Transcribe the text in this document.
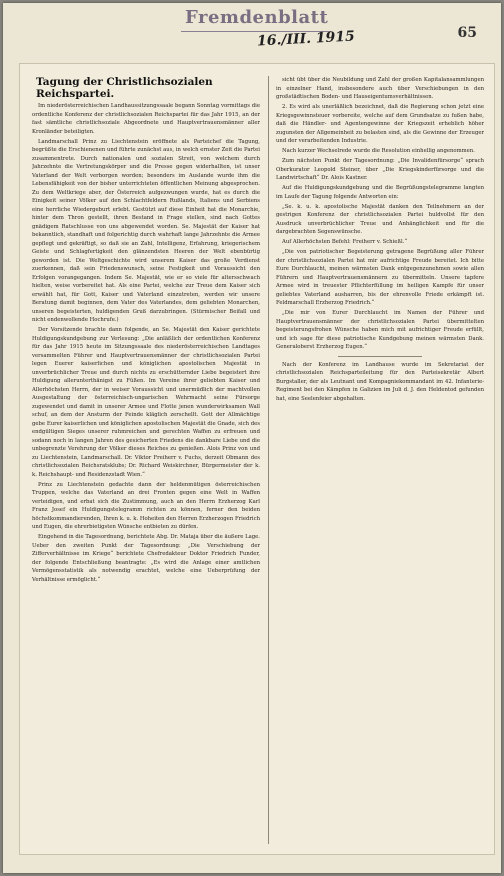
Fremdenblatt
16./III. 1915	65
Tagung der Christlichsozialen Reichspartei.

Im niederösterreichischen Landhaussitzungssaale begann Sonntag vormittags die ordentliche Konferenz der christlichsozialen Reichspartei für das Jahr 1915, an der fast sämtliche christlichsoziale Abgeordnete und Hauptvertrauensmänner aller Kronländer beteiligten.

Landmarschall Prinz zu Liechtenstein eröffnete als Parteichef die Tagung, begrüßte die Erschienenen und führte zunächst aus, in welch ernster Zeit die Partei zusammentrete. Durch nationalen und sozialen Streit, von welchem durch Jahrzehnte die Vertretungskörper und die Presse gegen widerhallten, ist unser Vaterland der Welt verborgen worden; besonders im Auslande wurde ihm die Lebensfähigkeit von der bisher unterrichteten öffentlichen Meinung abgesprochen. Zu dem Weltkriege aber, der Österreich aufgezwungen wurde, hat es durch die Einigkeit seiner Völker auf den Schlachtfeldern Rußlands, Italiens und Serbiens eine herrliche Wiedergeburt erlebt. Gestützt auf diese Einheit hat die Monarchie, hinter dem Thron gestellt, ihren Bestand in Frage stellen, sind nach Gottes gnädigem Ratschlusse von uns abgewendet worden. Se. Majestät der Kaiser hat bekanntlich, standhaft und folgerichtig durch wahrhaft lange Jahrzehnte die Armee gepflegt und gekräftigt, so daß sie an Zahl, Intelligenz, Erfahrung, kriegerischem Geiste und Schlagfertigkeit den glänzendsten Heeren der Welt ebenbürtig geworden ist. Die Weltgeschichte wird unserem Kaiser das große Verdienst zuerkennen, daß sein Friedenswunsch, seine Festigkeit und Voraussicht den Erfolgen vorangegangen. Indem Se. Majestät, wie er so viele für altersschwach hielten, weise vorbereitet hat. Als eine Partei, welche zur Treue dem Kaiser sich erwählt hat, für Gott, Kaiser und Vaterland einzutreten, werden wir unsere Beratung damit beginnen, dem Vater des Vaterlandes, dem geliebten Monarchen, unseren begeisterten, huldigenden Gruß darzubringen. (Stürmischer Beifall und nicht endenwollende Hochrufe.)

Der Vorsitzende brachte dann folgende, an Se. Majestät den Kaiser gerichtete Huldigungskundgebung zur Verlesung: „Die anläßlich der ordentlichen Konferenz für das Jahr 1915 heute im Sitzungssaale des niederösterreichischen Landtages versammelten Führer und Hauptvertrauensmänner der christlichsozialen Partei legen Euerer kaiserlichen und königlichen apostolischen Majestät in unverbrüchlicher Treue und durch nichts zu erschütternder Liebe begeistert ihre Huldigung allerunterthänigst zu Füßen. Im Vereine ihrer geliebten Kaiser und Allerhöchsten Herrn, der in weiser Voraussicht und unermüdlich der machtvollen Ausgestaltung der österreichisch-ungarischen Wehrmacht seine Fürsorge zugewendet und damit in unserer Armee und Flotte jenen wunderwirksamen Wall schuf, an dem der Ansturm der Feinde kläglich zerschellt. Gott der Allmächtige gebe Eurer kaiserlichen und königlichen apostolischen Majestät die Gnade, sich des endgültigen Sieges unserer ruhmreichen und gerechten Waffen zu erfreuen und sodann noch in langen Jahren des gesicherten Friedens die dankbare Liebe und die unbegrenzte Verehrung der Völker dieses Reiches zu genießen. Alois Prinz von und zu Liechtenstein, Landmarschall. Dr. Viktor Freiherr v. Fuchs, derzeit Obmann des christlichsozialen Reichsratsklubs; Dr. Richard Weiskirchner, Bürgermeister der k. k. Reichshaupt- und Residenzstadt Wien.“

Prinz zu Liechtenstein gedachte dann der heldenmütigen österreichischen Truppen, welche das Vaterland an drei Fronten gegen eine Welt in Waffen verteidigen, und erbat sich die Zustimmung, auch an den Herrn Erzherzog Karl Franz Josef ein Huldigungstelegramm richten zu können, ferner den beiden höchstkommandierenden, Ihren k. u. k. Hoheiten den Herren Erzherzogen Friedrich und Eugen, die ehrerbietigsten Wünsche entbieten zu dürfen.

Eingehend in die Tagesordnung, berichtete Abg. Dr. Mataja über die äußere Lage. Ueber den zweiten Punkt der Tagesordnung: „Die Verschiebung der Zifferverhältnisse im Kriege“ berichtete Chefredakteur Doktor Friedrich Funder, der folgende Entschließung beantragte: „Es wird die Anlage einer amtlichen Vermögensstatistik als notwendig erachtet, welche eine Ueberprüfung der Verhältnisse ermöglicht.“

sicht übt über die Neubildung und Zahl der großen Kapitalansammlungen in einzelner Hand, insbesondere auch über Verschiebungen in den großstädtischen Boden- und Hauseigentumsverhältnissen.

2. Es wird als unerläßlich bezeichnet, daß die Regierung schon jetzt eine Kriegsgewinnsteuer vorbereite, welche auf dem Grundsatze zu fußen habe, daß die Händler- und Agentengewinne der Kriegszeit erheblich höher zugunsten der Allgemeinheit zu belasten sind, als die Gewinne der Erzeuger und der verarbeitenden Industrie.

Nach kurzer Wechselrede wurde die Resolution einhellig angenommen.

Zum nächsten Punkt der Tagesordnung: „Die Invalidenfürsorge“ sprach Oberkurator Leopold Steiner, über „Die Kriegskinderfürsorge und die Landwirtschaft“ Dr. Alois Kastner.

Auf die Huldigungskundgebung und die Begrüßungstelegramme langten im Laufe der Tagung folgende Antworten ein:

„Se. k. u. k. apostolische Majestät danken den Teilnehmern an der gestrigen Konferenz der christlichsozialen Partei huldvollst für den Ausdruck unverbrüchlicher Treue und Anhänglichkeit und für die dargebrachten Segenswünsche.

Auf Allerhöchsten Befehl: Freiherr v. Schießl.“

„Die von patriotischer Begeisterung getragene Begrüßung aller Führer der christlichsozialen Partei hat mir aufrichtige Freude bereitet. Ich bitte Eure Durchlaucht, meinen wärmsten Dank entgegenzunehmen sowie allen Führern und Hauptvertrauensmännern zu übermitteln. Unsere tapfere Armee wird in treuester Pflichterfüllung im heiligen Kampfe für unser geliebtes Vaterland ausharren, bis der ehrenvolle Friede erkämpft ist. Feldmarschall Erzherzog Friedrich.“

„Die mir von Eurer Durchlaucht im Namen der Führer und Hauptvertrauensmänner der christlichsozialen Partei übermittelten begeisterungsfrohen Wünsche haben mich mit aufrichtiger Freude erfüllt, und ich sage für diese patriotische Kundgebung meinen wärmsten Dank. Generaloberst Erzherzog Eugen.“

Nach der Konferenz im Landhause wurde im Sekretariat der christlichsozialen Reichsparteileitung für den Parteisekretär Albert Burgstaller, der als Leutnant und Kompagniekommandant im 42. Infanterie-Regiment bei den Kämpfen in Galizien im Juli d. J. den Heldentod gefunden hat, eine Seelenfeier abgehalten.
